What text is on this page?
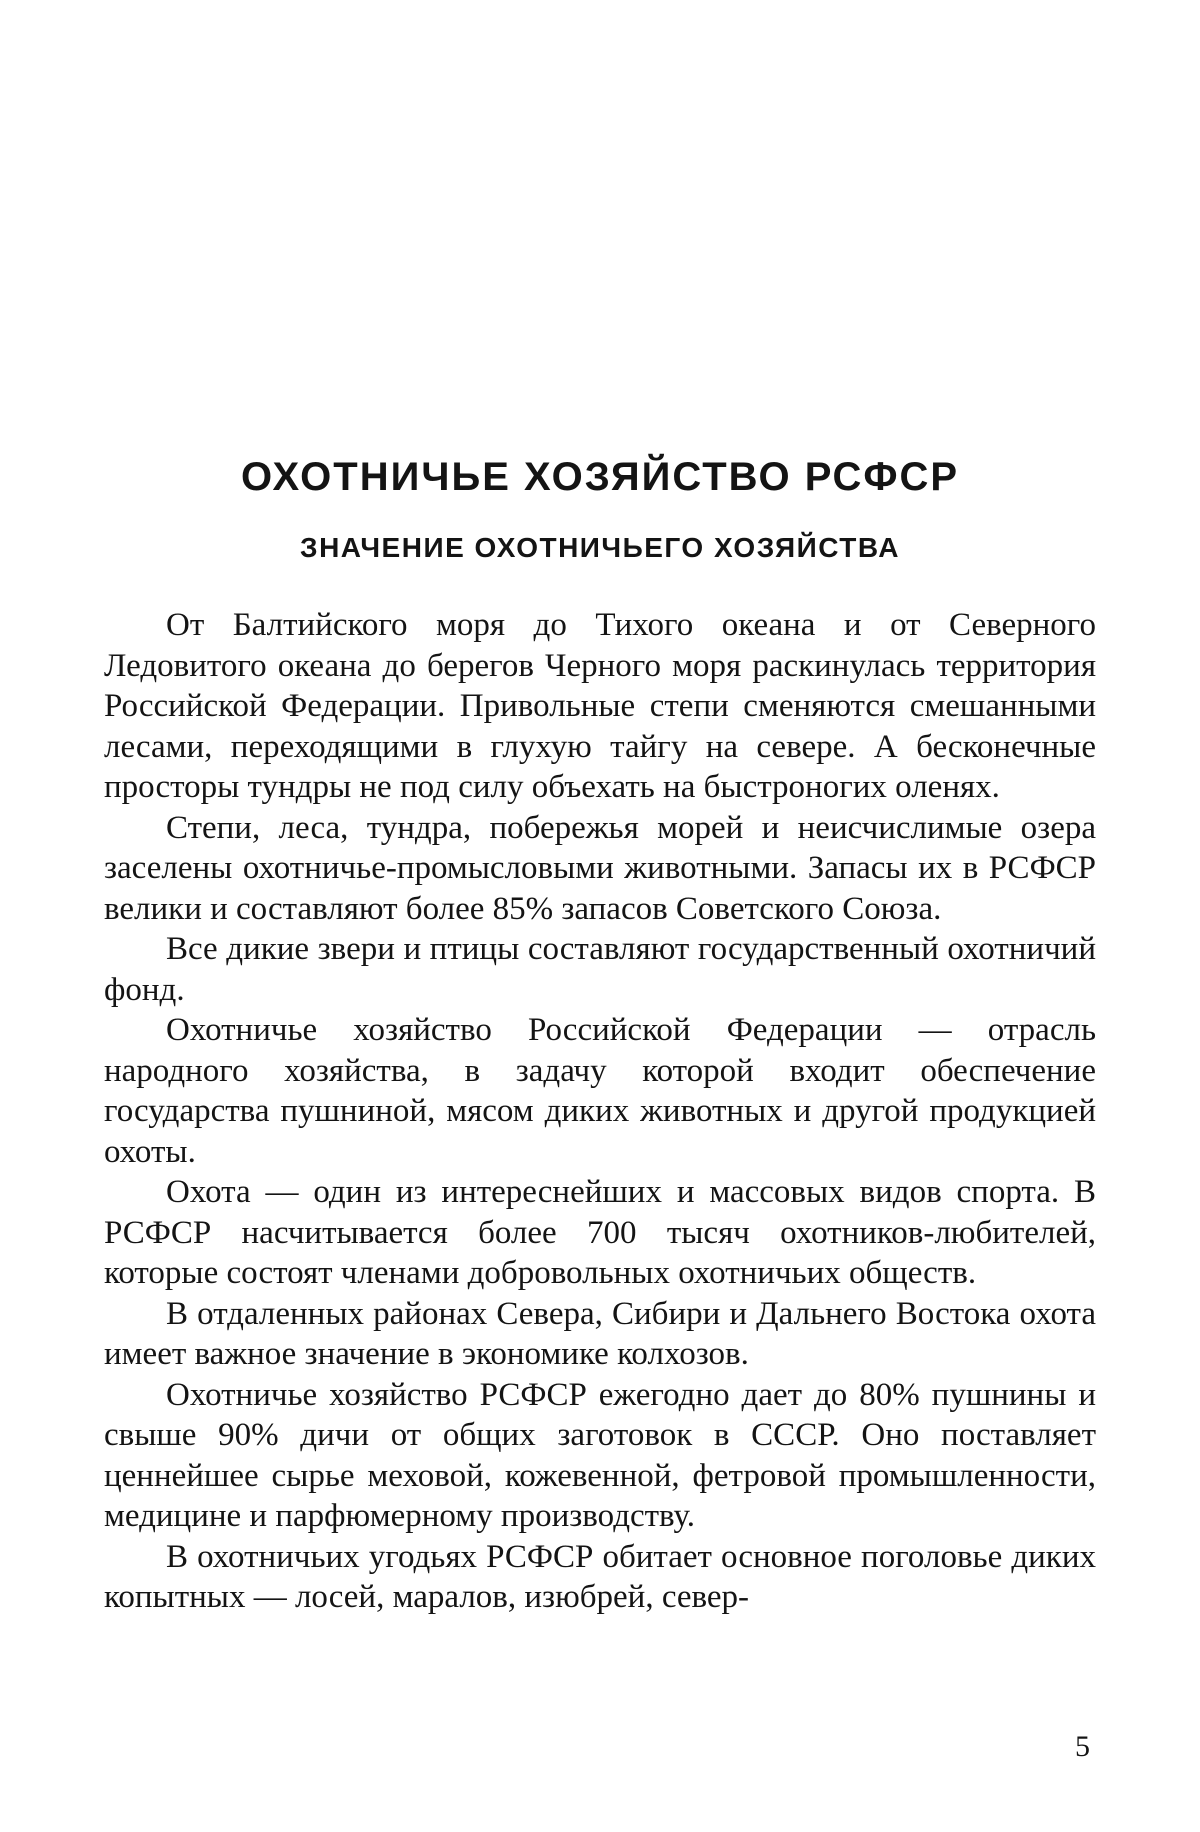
ОХОТНИЧЬЕ ХОЗЯЙСТВО РСФСР
ЗНАЧЕНИЕ ОХОТНИЧЬЕГО ХОЗЯЙСТВА

От Балтийского моря до Тихого океана и от Северного Ледовитого океана до берегов Черного моря раскинулась территория Российской Федерации. Привольные степи сменяются смешанными лесами, переходящими в глухую тайгу на севере. А бесконечные просторы тундры не под силу объехать на быстроногих оленях.

Степи, леса, тундра, побережья морей и неисчислимые озера заселены охотничье-промысловыми животными. Запасы их в РСФСР велики и составляют более 85% запасов Советского Союза.

Все дикие звери и птицы составляют государственный охотничий фонд.

Охотничье хозяйство Российской Федерации — отрасль народного хозяйства, в задачу которой входит обеспечение государства пушниной, мясом диких животных и другой продукцией охоты.

Охота — один из интереснейших и массовых видов спорта. В РСФСР насчитывается более 700 тысяч охотников-любителей, которые состоят членами добровольных охотничьих обществ.

В отдаленных районах Севера, Сибири и Дальнего Востока охота имеет важное значение в экономике колхозов.

Охотничье хозяйство РСФСР ежегодно дает до 80% пушнины и свыше 90% дичи от общих заготовок в СССР. Оно поставляет ценнейшее сырье меховой, кожевенной, фетровой промышленности, медицине и парфюмерному производству.

В охотничьих угодьях РСФСР обитает основное поголовье диких копытных — лосей, маралов, изюбрей, север-

5
